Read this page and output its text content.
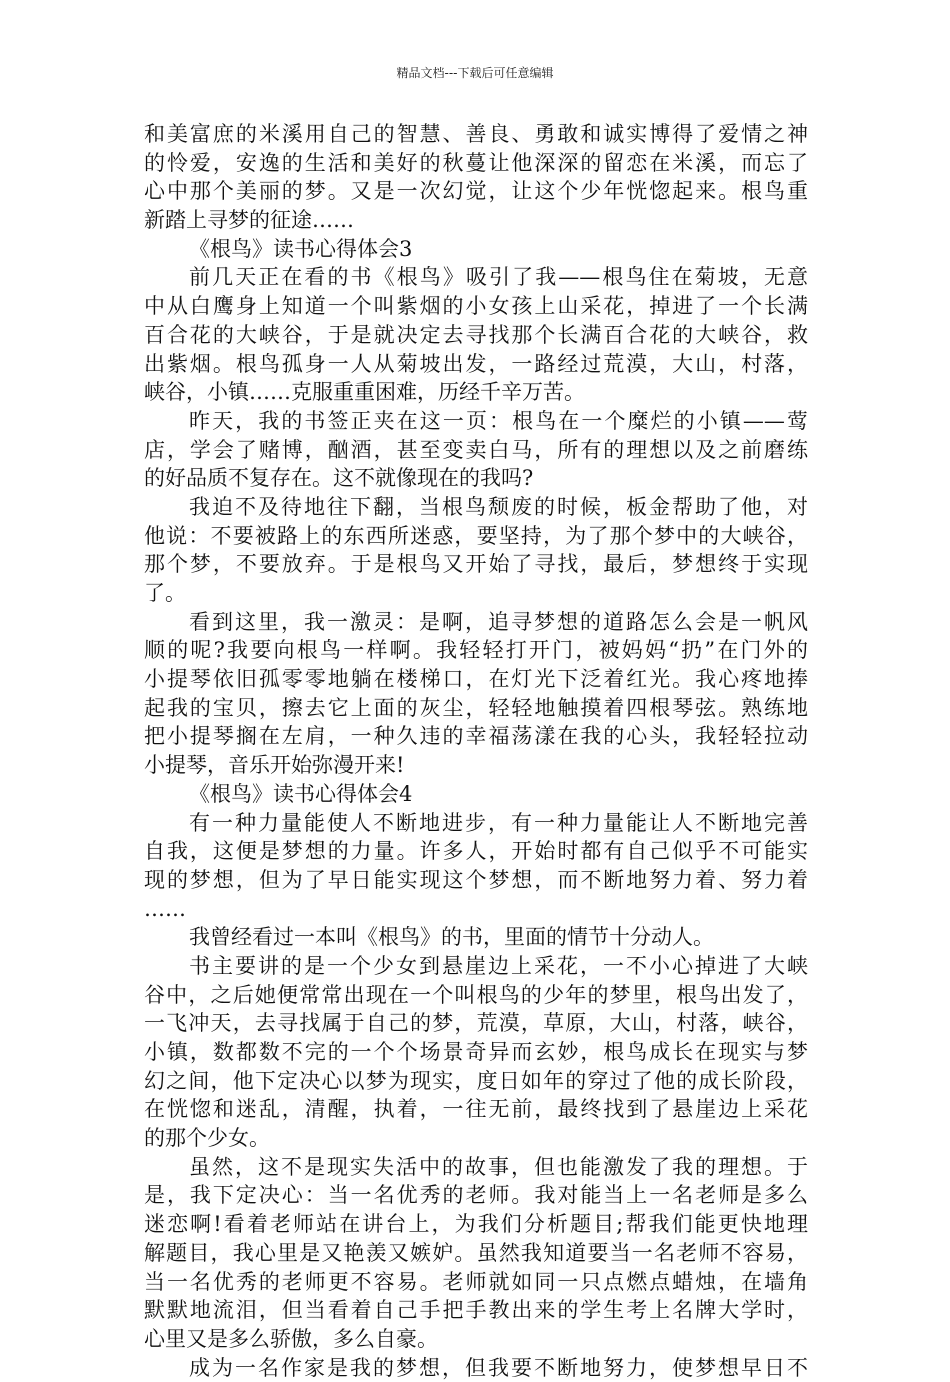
精品文档---下载后可任意编辑
和美富庶的米溪用自己的智慧、善良、勇敢和诚实博得了爱情之神
的怜爱，安逸的生活和美好的秋蔓让他深深的留恋在米溪，而忘了
心中那个美丽的梦。又是一次幻觉，让这个少年恍惚起来。根鸟重
新踏上寻梦的征途……
《根鸟》读书心得体会3
前几天正在看的书《根鸟》吸引了我——根鸟住在菊坡，无意
中从白鹰身上知道一个叫紫烟的小女孩上山采花，掉进了一个长满
百合花的大峡谷，于是就决定去寻找那个长满百合花的大峡谷，救
出紫烟。根鸟孤身一人从菊坡出发，一路经过荒漠，大山，村落，
峡谷，小镇……克服重重困难，历经千辛万苦。
昨天，我的书签正夹在这一页：根鸟在一个糜烂的小镇——莺
店，学会了赌博，酗酒，甚至变卖白马，所有的理想以及之前磨练
的好品质不复存在。这不就像现在的我吗?
我迫不及待地往下翻，当根鸟颓废的时候，板金帮助了他，对
他说：不要被路上的东西所迷惑，要坚持，为了那个梦中的大峡谷，
那个梦，不要放弃。于是根鸟又开始了寻找，最后，梦想终于实现
了。
看到这里，我一激灵：是啊，追寻梦想的道路怎么会是一帆风
顺的呢?我要向根鸟一样啊。我轻轻打开门，被妈妈“扔”在门外的
小提琴依旧孤零零地躺在楼梯口，在灯光下泛着红光。我心疼地捧
起我的宝贝，擦去它上面的灰尘，轻轻地触摸着四根琴弦。熟练地
把小提琴搁在左肩，一种久违的幸福荡漾在我的心头，我轻轻拉动
小提琴，音乐开始弥漫开来!
《根鸟》读书心得体会4
有一种力量能使人不断地进步，有一种力量能让人不断地完善
自我，这便是梦想的力量。许多人，开始时都有自己似乎不可能实
现的梦想，但为了早日能实现这个梦想，而不断地努力着、努力着
……
我曾经看过一本叫《根鸟》的书，里面的情节十分动人。
书主要讲的是一个少女到悬崖边上采花，一不小心掉进了大峡
谷中，之后她便常常出现在一个叫根鸟的少年的梦里，根鸟出发了，
一飞冲天，去寻找属于自己的梦，荒漠，草原，大山，村落，峡谷，
小镇，数都数不完的一个个场景奇异而玄妙，根鸟成长在现实与梦
幻之间，他下定决心以梦为现实，度日如年的穿过了他的成长阶段，
在恍惚和迷乱，清醒，执着，一往无前，最终找到了悬崖边上采花
的那个少女。
虽然，这不是现实失活中的故事，但也能激发了我的理想。于
是，我下定决心：当一名优秀的老师。我对能当上一名老师是多么
迷恋啊!看着老师站在讲台上，为我们分析题目;帮我们能更快地理
解题目，我心里是又艳羡又嫉妒。虽然我知道要当一名老师不容易，
当一名优秀的老师更不容易。老师就如同一只点燃点蜡烛，在墙角
默默地流泪，但当看着自己手把手教出来的学生考上名牌大学时，
心里又是多么骄傲，多么自豪。
成为一名作家是我的梦想，但我要不断地努力，使梦想早日不
